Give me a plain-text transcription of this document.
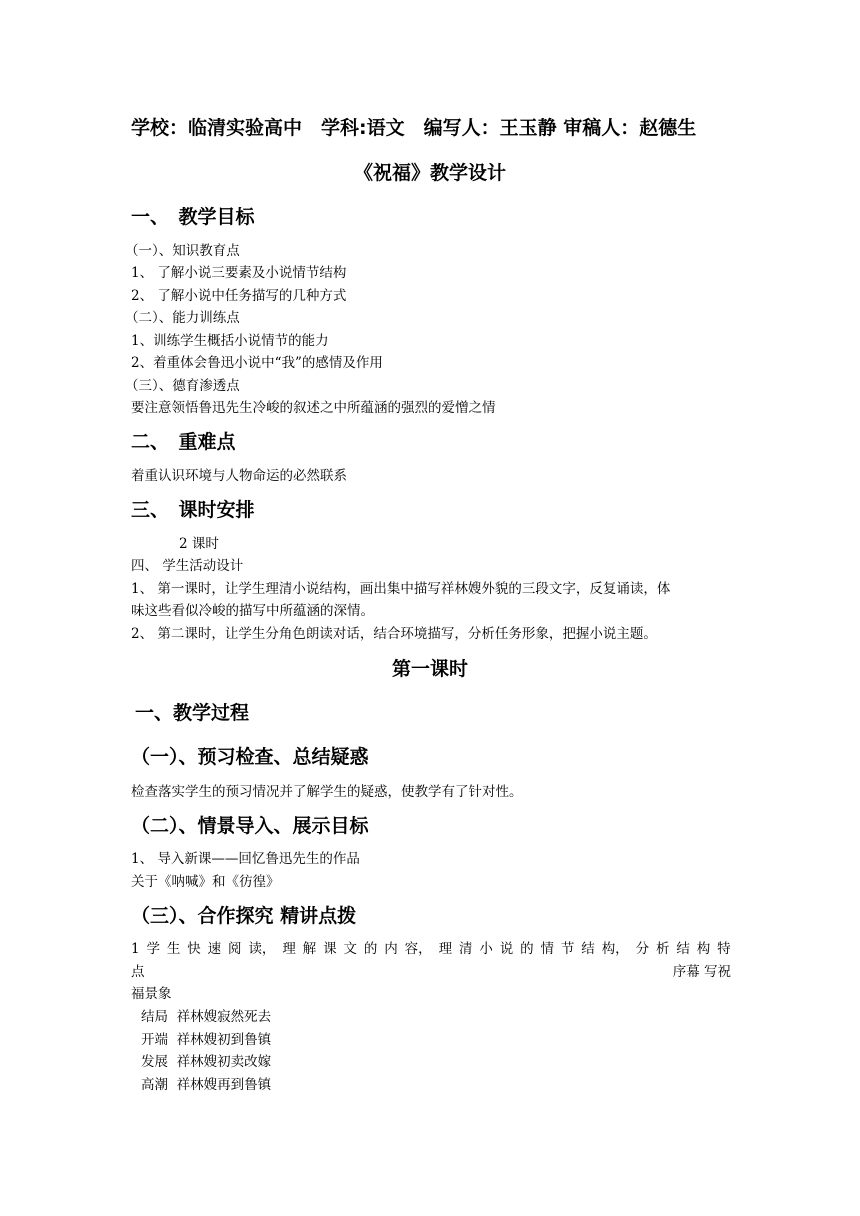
学校：临清实验高中　学科:语文　编写人：王玉静 审稿人：赵德生
《祝福》教学设计
一、　教学目标
（一）、知识教育点
1、 了解小说三要素及小说情节结构
2、 了解小说中任务描写的几种方式
（二）、能力训练点
1、训练学生概括小说情节的能力
2、着重体会鲁迅小说中“我”的感情及作用
（三）、德育渗透点
要注意领悟鲁迅先生冷峻的叙述之中所蕴涵的强烈的爱憎之情
二、　重难点
着重认识环境与人物命运的必然联系
三、　课时安排
2 课时
四、 学生活动设计
1、 第一课时，让学生理清小说结构，画出集中描写祥林嫂外貌的三段文字，反复诵读，体
味这些看似冷峻的描写中所蕴涵的深情。
2、 第二课时，让学生分角色朗读对话，结合环境描写，分析任务形象，把握小说主题。
第一课时
一、教学过程
（一）、预习检查、总结疑惑
检查落实学生的预习情况并了解学生的疑惑，使教学有了针对性。
（二）、情景导入、展示目标
1、 导入新课——回忆鲁迅先生的作品
关于《呐喊》和《彷徨》
（三）、合作探究 精讲点拨
1 学 生 快 速 阅 读， 理 解 课 文 的 内 容， 理 清 小 说 的 情 节 结 构， 分 析 结 构 特
点	序幕 写祝
福景象
结局 祥林嫂寂然死去
开端 祥林嫂初到鲁镇
发展 祥林嫂初卖改嫁
高潮 祥林嫂再到鲁镇
